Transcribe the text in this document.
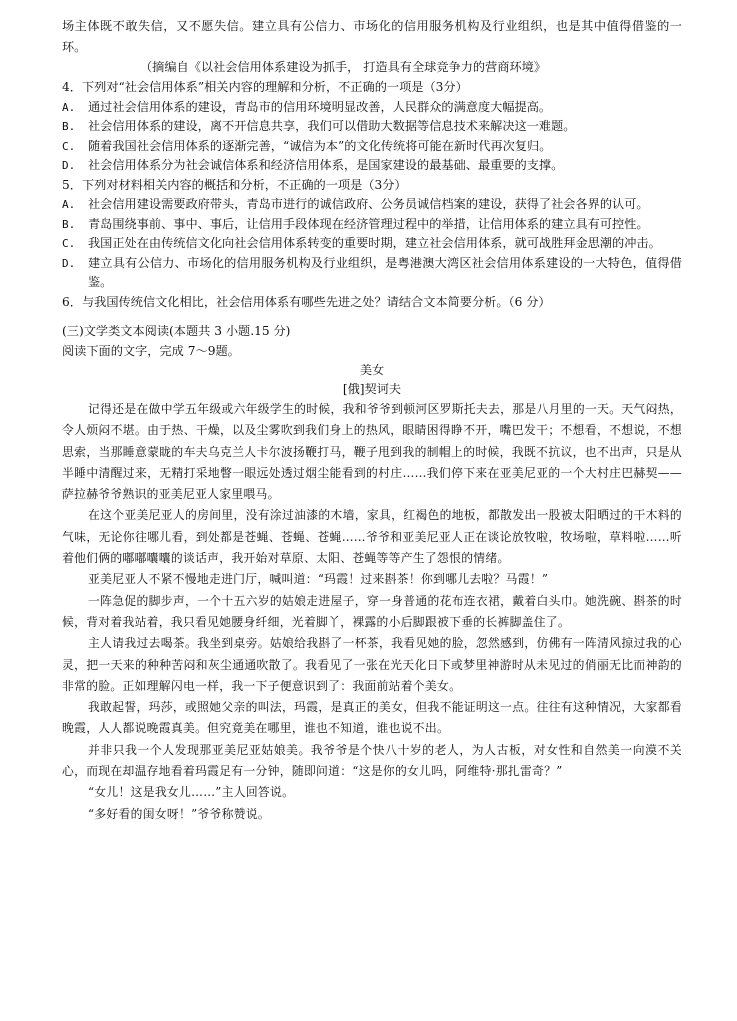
场主体既不敢失信，又不愿失信。建立具有公信力、市场化的信用服务机构及行业组织，也是其中值得借鉴的一环。

（摘编自《以社会信用体系建设为抓手， 打造具有全球竞争力的营商环境》

4．下列对“社会信用体系”相关内容的理解和分析，不正确的一项是（3分）

A.	通过社会信用体系的建设，青岛市的信用环境明显改善，人民群众的满意度大幅提高。
B.	社会信用体系的建设，离不开信息共享，我们可以借助大数据等信息技术来解决这一难题。
C.	随着我国社会信用体系的逐渐完善，“诚信为本”的文化传统将可能在新时代再次复归。
D.	社会信用体系分为社会诚信体系和经济信用体系，是国家建设的最基础、最重要的支撑。

5．下列对材料相关内容的概括和分析，不正确的一项是（3分）

A.	社会信用建设需要政府带头，青岛市进行的诚信政府、公务员诚信档案的建设，获得了社会各界的认可。
B.	青岛围绕事前、事中、事后，让信用手段体现在经济管理过程中的举措，让信用体系的建立具有可控性。
C.	我国正处在由传统信文化向社会信用体系转变的重要时期，建立社会信用体系，就可战胜拜金思潮的冲击。
D.	建立具有公信力、市场化的信用服务机构及行业组织，是粤港澳大湾区社会信用体系建设的一大特色，值得借鉴。

6．与我国传统信文化相比，社会信用体系有哪些先进之处？请结合文本简要分析。（6 分）

(三)文学类文本阅读(本题共 3 小题.15 分)

阅读下面的文字，完成 7～9题。

美女

[俄]契诃夫

记得还是在做中学五年级或六年级学生的时候，我和爷爷到顿河区罗斯托夫去，那是八月里的一天。天气闷热，令人烦闷不堪。由于热、干燥，以及尘雾吹到我们身上的热风，眼睛困得睁不开，嘴巴发干；不想看，不想说，不想思索，当那睡意蒙眬的车夫乌克兰人卡尔波扬鞭打马，鞭子甩到我的制帽上的时候，我既不抗议，也不出声，只是从半睡中清醒过来，无精打采地瞥一眼远处透过烟尘能看到的村庄……我们停下来在亚美尼亚的一个大村庄巴赫契——萨拉赫爷爷熟识的亚美尼亚人家里喂马。

在这个亚美尼亚人的房间里，没有涂过油漆的木墙，家具，红褐色的地板，都散发出一股被太阳晒过的干木料的气味，无论你往哪儿看，到处都是苍蝇、苍蝇、苍蝇……爷爷和亚美尼亚人正在谈论放牧啦，牧场啦，草料啦……听着他们俩的嘟嘟囔囔的谈话声，我开始对草原、太阳、苍蝇等等产生了怨恨的情绪。

亚美尼亚人不紧不慢地走进门厅，喊叫道：“玛霞！过来斟茶！你到哪儿去啦？马霞！”

一阵急促的脚步声，一个十五六岁的姑娘走进屋子，穿一身普通的花布连衣裙，戴着白头巾。她洗碗、斟茶的时候，背对着我站着，我只看见她腰身纤细，光着脚丫，裸露的小后脚跟被下垂的长裤脚盖住了。

主人请我过去喝茶。我坐到桌旁。姑娘给我斟了一杯茶，我看见她的脸，忽然感到，仿佛有一阵清风掠过我的心灵，把一天来的种种苦闷和灰尘通通吹散了。我看见了一张在光天化日下或梦里神游时从未见过的俏丽无比而神韵的非常的脸。正如理解闪电一样，我一下子便意识到了：我面前站着个美女。

我敢起誓，玛莎，或照她父亲的叫法，玛霞，是真正的美女，但我不能证明这一点。往往有这种情况，大家都看晚霞，人人都说晚霞真美。但究竟美在哪里，谁也不知道，谁也说不出。

并非只我一个人发现那亚美尼亚姑娘美。我爷爷是个快八十岁的老人，为人古板，对女性和自然美一向漠不关心，而现在却温存地看着玛霞足有一分钟，随即问道：“这是你的女儿吗，阿维特·那扎雷奇？”

“女儿！这是我女儿……”主人回答说。

“多好看的闺女呀！”爷爷称赞说。
